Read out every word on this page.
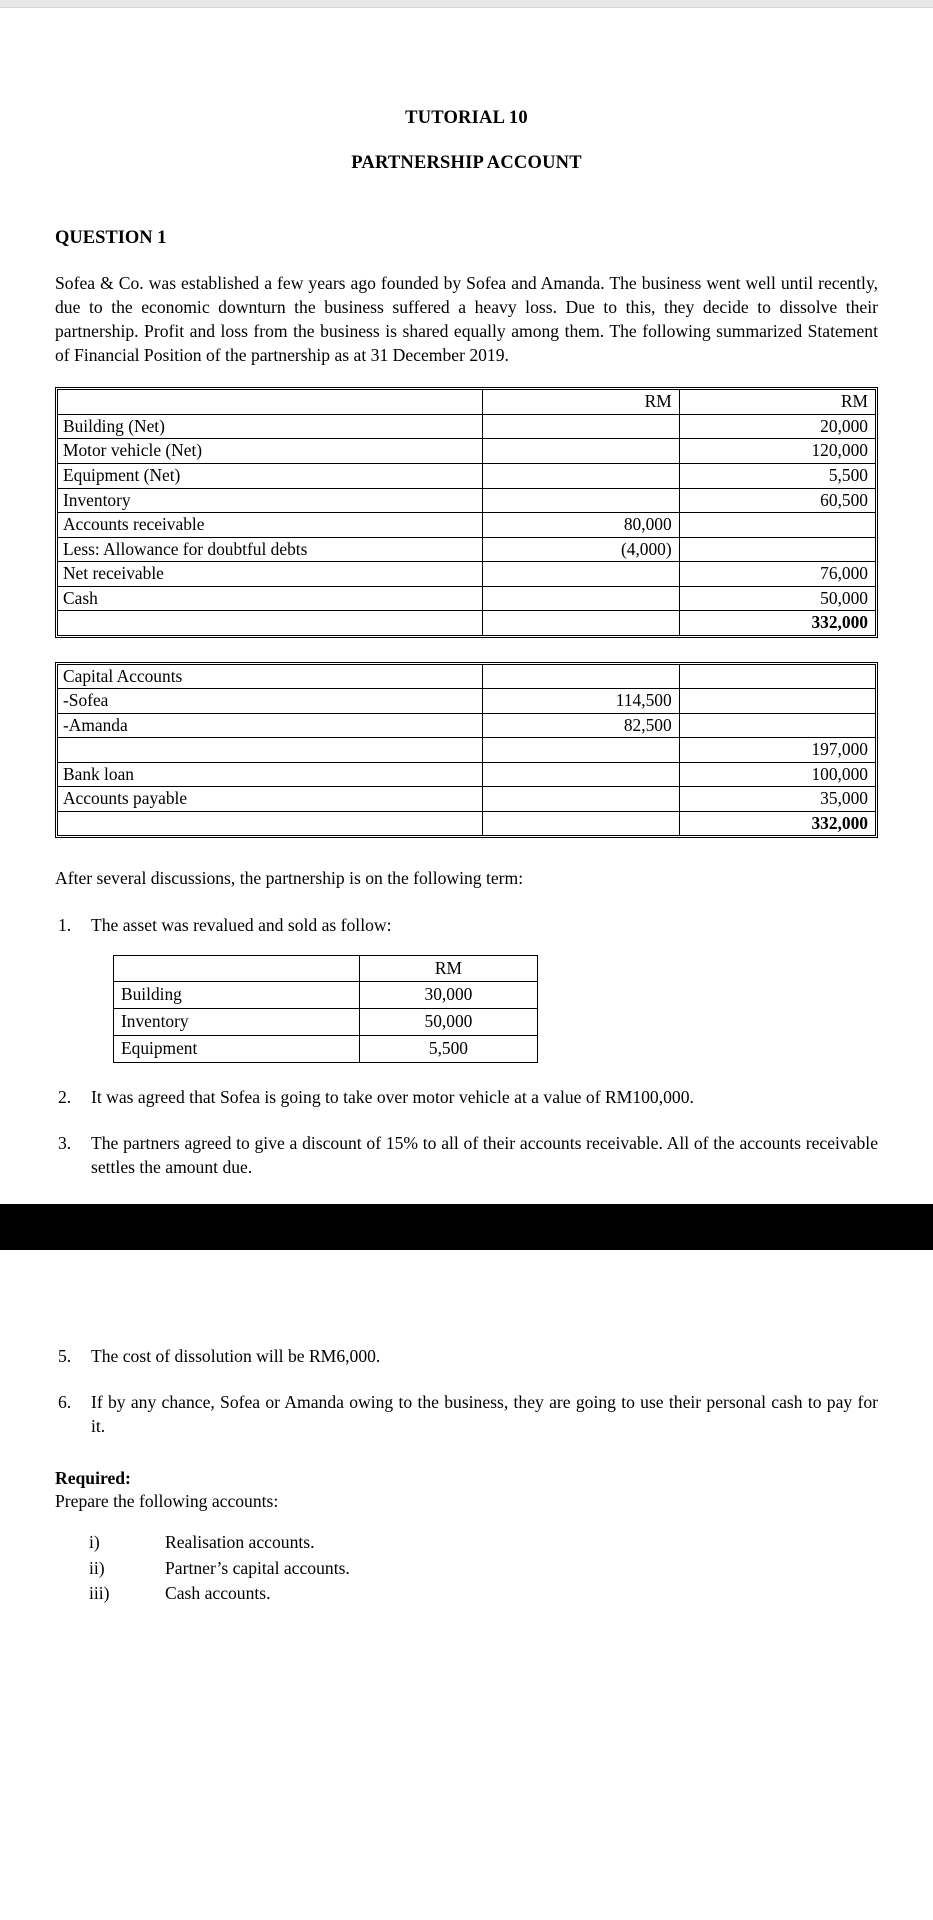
TUTORIAL 10
PARTNERSHIP ACCOUNT
QUESTION 1

Sofea & Co. was established a few years ago founded by Sofea and Amanda. The business went well until recently, due to the economic downturn the business suffered a heavy loss. Due to this, they decide to dissolve their partnership. Profit and loss from the business is shared equally among them. The following summarized Statement of Financial Position of the partnership as at 31 December 2019.

	RM	RM
Building (Net)		20,000
Motor vehicle (Net)		120,000
Equipment (Net)		5,500
Inventory		60,500
Accounts receivable	80,000	
Less: Allowance for doubtful debts	(4,000)	
Net receivable		76,000
Cash		50,000
		332,000
Capital Accounts		
-Sofea	114,500	
-Amanda	82,500	
		197,000
Bank loan		100,000
Accounts payable		35,000
		332,000

After several discussions, the partnership is on the following term:

1. The asset was revalued and sold as follow:
	RM
Building	30,000
Inventory	50,000
Equipment	5,500
2. It was agreed that Sofea is going to take over motor vehicle at a value of RM100,000.
3. The partners agreed to give a discount of 15% to all of their accounts receivable. All of the accounts receivable settles the amount due.
5. The cost of dissolution will be RM6,000.
6. If by any chance, Sofea or Amanda owing to the business, they are going to use their personal cash to pay for it.

Required:

Prepare the following accounts:

i)	Realisation accounts.
ii)	Partner’s capital accounts.
iii)	Cash accounts.
